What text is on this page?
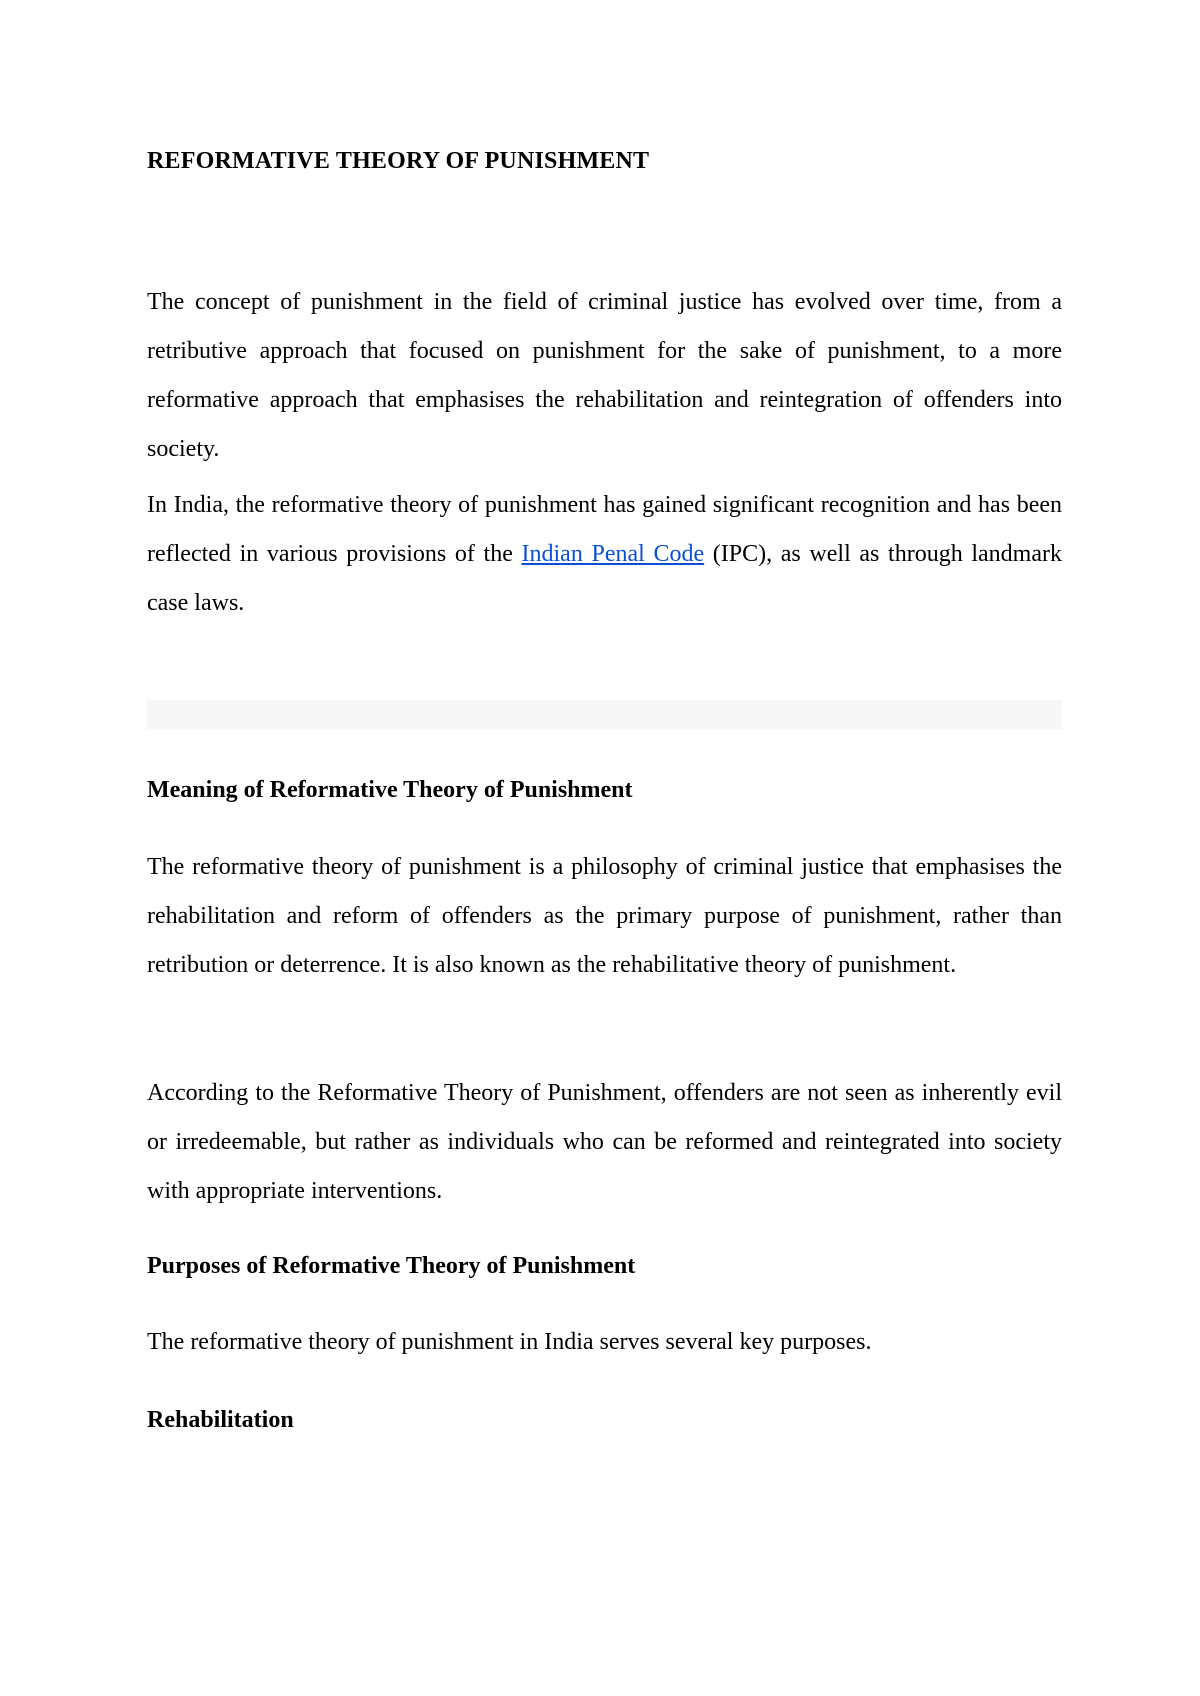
REFORMATIVE THEORY OF PUNISHMENT

The concept of punishment in the field of criminal justice has evolved over time, from a retributive approach that focused on punishment for the sake of punishment, to a more reformative approach that emphasises the rehabilitation and reintegration of offenders into society.

In India, the reformative theory of punishment has gained significant recognition and has been reflected in various provisions of the Indian Penal Code (IPC), as well as through landmark case laws.

Meaning of Reformative Theory of Punishment

The reformative theory of punishment is a philosophy of criminal justice that emphasises the rehabilitation and reform of offenders as the primary purpose of punishment, rather than retribution or deterrence. It is also known as the rehabilitative theory of punishment.

According to the Reformative Theory of Punishment, offenders are not seen as inherently evil or irredeemable, but rather as individuals who can be reformed and reintegrated into society with appropriate interventions.

Purposes of Reformative Theory of Punishment

The reformative theory of punishment in India serves several key purposes.

Rehabilitation
